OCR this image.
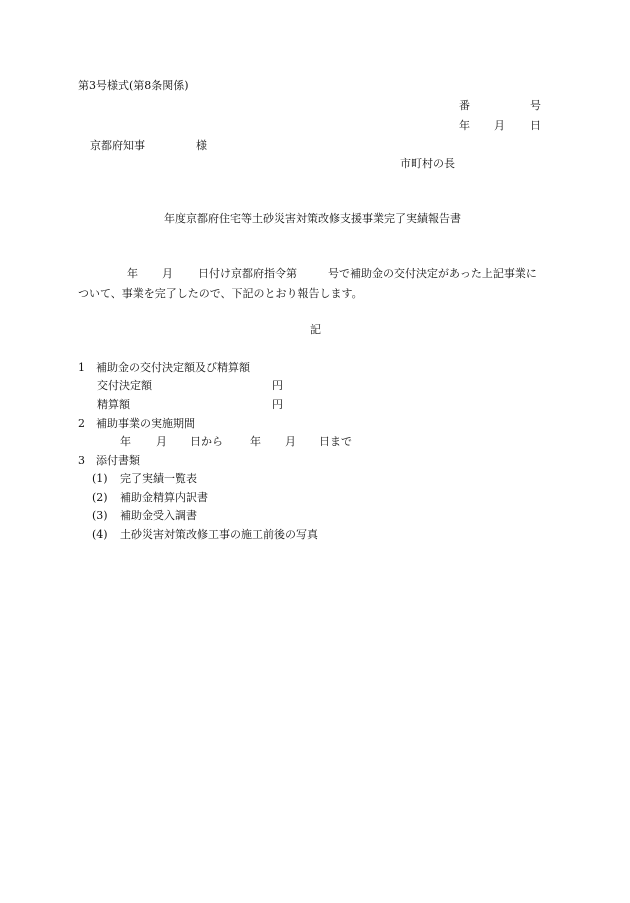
第3号様式(第8条関係)
番	号
年 月 日
京都府知事	様
市町村の長
年度京都府住宅等土砂災害対策改修支援事業完了実績報告書
年 月 日付け京都府指令第	号で補助金の交付決定があった上記事業に
ついて、事業を完了したので、下記のとおり報告します。
記
1　補助金の交付決定額及び精算額
交付決定額	円
精算額	円
2　補助事業の実施期間
年 月 日から 年 月 日まで
3　添付書類
(1) 完了実績一覧表
(2) 補助金精算内訳書
(3) 補助金受入調書
(4) 土砂災害対策改修工事の施工前後の写真
